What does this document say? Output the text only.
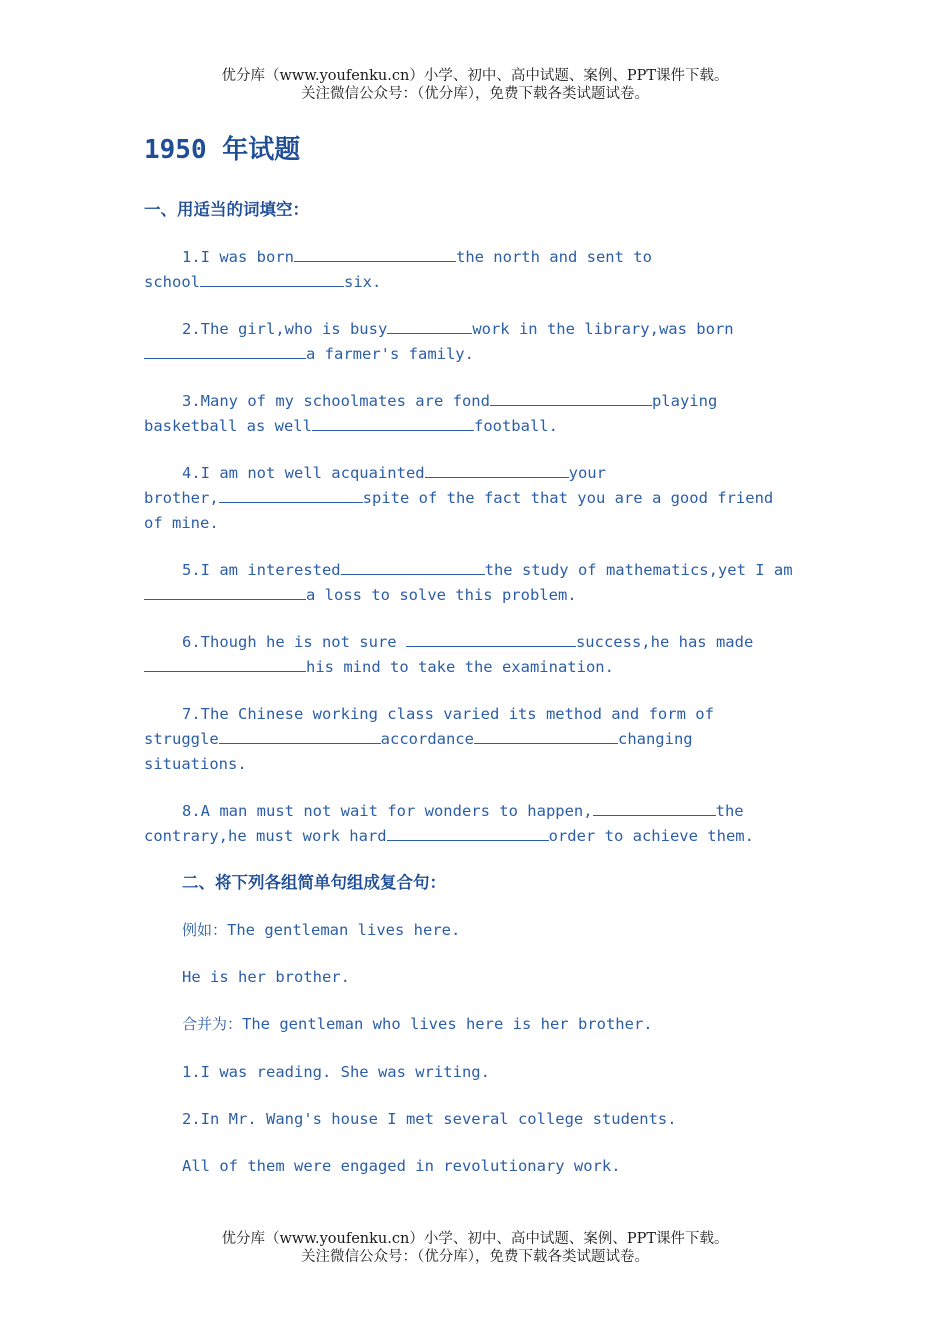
优分库（www.youfenku.cn）小学、初中、高中试题、案例、PPT课件下载。
关注微信公众号：（优分库），免费下载各类试题试卷。
1950 年试题
一、用适当的词填空：
1.I was born	the north and sent to
school	six.
2.The girl,who is busy	work in the library,was born
a farmer's family.
3.Many of my schoolmates are fond	playing
basketball as well	football.
4.I am not well acquainted	your
brother,	spite of the fact that you are a good friend
of mine.
5.I am interested	the study of mathematics,yet I am
a loss to solve this problem.
6.Though he is not sure	success,he has made
his mind to take the examination.
7.The Chinese working class varied its method and form of
struggle	accordance	changing
situations.
8.A man must not wait for wonders to happen,	the
contrary,he must work hard	order to achieve them.
二、将下列各组简单句组成复合句：
例如：The gentleman lives here.
He is her brother.
合并为：The gentleman who lives here is her brother.
1.I was reading. She was writing.
2.In Mr. Wang's house I met several college students.
All of them were engaged in revolutionary work.
优分库（www.youfenku.cn）小学、初中、高中试题、案例、PPT课件下载。
关注微信公众号：（优分库），免费下载各类试题试卷。
